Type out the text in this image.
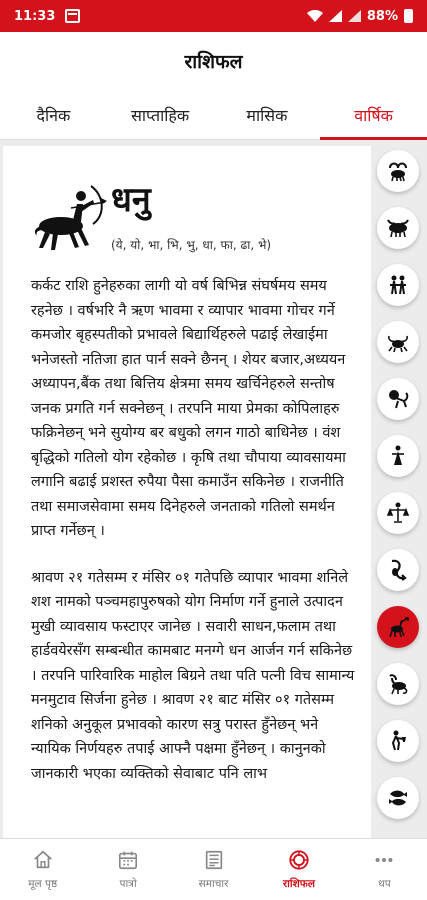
11:33	88%
राशिफल
दैनिक	साप्ताहिक	मासिक	वार्षिक
धनु
(ये, यो, भा, भि, भु, धा, फा, ढा, भे)

कर्कट राशि हुनेहरुका लागी यो वर्ष बिभिन्न संघर्षमय समय रहनेछ । वर्षभरि नै ऋण भावमा र व्यापार भावमा गोचर गर्ने कमजोर बृहस्पतीको प्रभावले बिद्यार्थिहरुले पढाई लेखाईमा भनेजस्तो नतिजा हात पार्न सक्ने छैनन् । शेयर बजार,अध्ययन अध्यापन,बैंक तथा बित्तिय क्षेत्रमा समय खर्चिनेहरुले सन्तोष जनक प्रगति गर्न सक्नेछन् । तरपनि माया प्रेमका कोपिलाहरु फक्रिनेछन् भने सुयोग्य बर बधुको लगन गाठो बाधिनेछ । वंश बृद्धिको गतिलो योग रहेकोछ । कृषि तथा चौपाया व्यावसायमा लगानि बढाई प्रशस्त रुपैया पैसा कमाउँन सकिनेछ । राजनीति तथा समाजसेवामा समय दिनेहरुले जनताको गतिलो समर्थन प्राप्त गर्नेछन् ।

श्रावण २१ गतेसम्म र मंसिर ०१ गतेपछि व्यापार भावमा शनिले शश नामको पञ्चमहापुरुषको योग निर्माण गर्ने हुनाले उत्पादन मुखी व्यावसाय फस्टाएर जानेछ । सवारी साधन,फलाम तथा हार्डवयेरसँग सम्बन्धीत कामबाट मनग्गे धन आर्जन गर्न सकिनेछ । तरपनि पारिवारिक माहोल बिग्रने तथा पति पत्नी विच सामान्य मनमुटाव सिर्जना हुनेछ । श्रावण २१ बाट मंसिर ०१ गतेसम्म शनिको अनुकूल प्रभावको कारण सत्रु परास्त हुँनेछन् भने न्यायिक निर्णयहरु तपाई आफ्नै पक्षमा हुँनेछन् । कानुनको जानकारी भएका व्यक्तिको सेवाबाट पनि लाभ

मूल पृष्ठ	पात्रो	समाचार	राशिफल	थप
